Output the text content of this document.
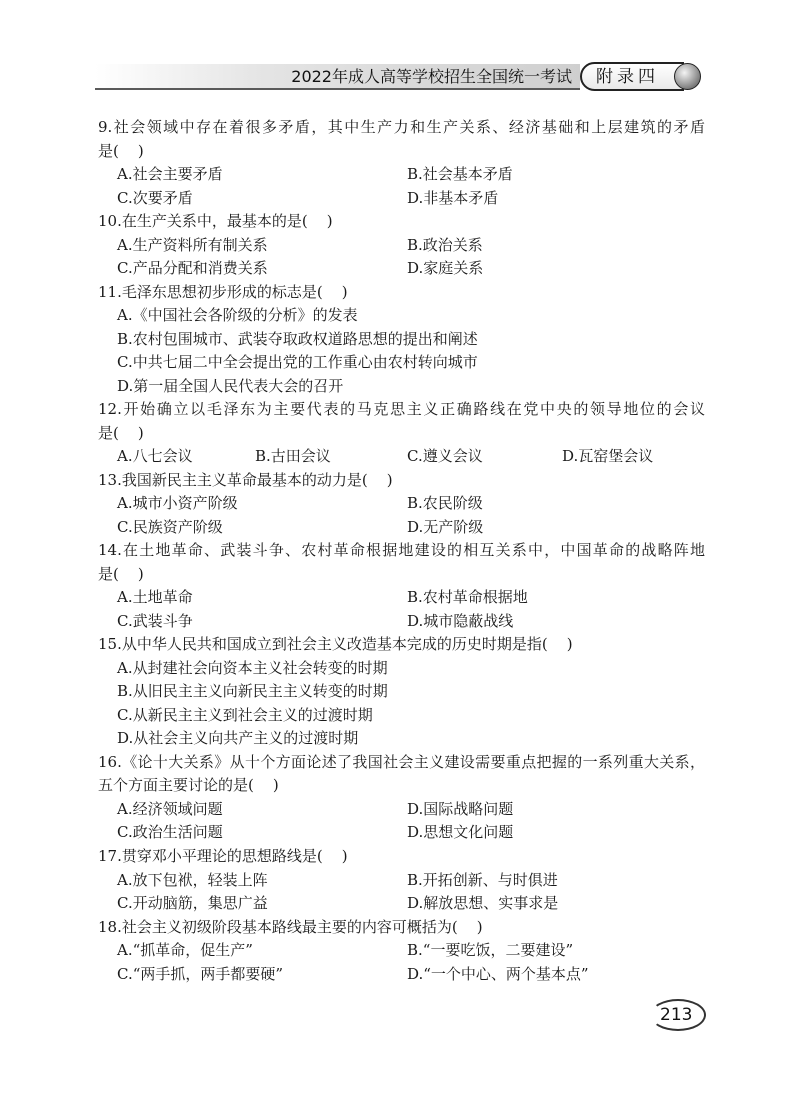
2022年成人高等学校招生全国统一考试 附录四
9.社会领域中存在着很多矛盾，其中生产力和生产关系、经济基础和上层建筑的矛盾
是(    )
A.社会主要矛盾	B.社会基本矛盾
C.次要矛盾	D.非基本矛盾
10.在生产关系中，最基本的是(    )
A.生产资料所有制关系	B.政治关系
C.产品分配和消费关系	D.家庭关系
11.毛泽东思想初步形成的标志是(    )
A.《中国社会各阶级的分析》的发表
B.农村包围城市、武装夺取政权道路思想的提出和阐述
C.中共七届二中全会提出党的工作重心由农村转向城市
D.第一届全国人民代表大会的召开
12.开始确立以毛泽东为主要代表的马克思主义正确路线在党中央的领导地位的会议
是(    )
A.八七会议	B.古田会议	C.遵义会议	D.瓦窑堡会议
13.我国新民主主义革命最基本的动力是(    )
A.城市小资产阶级	B.农民阶级
C.民族资产阶级	D.无产阶级
14.在土地革命、武装斗争、农村革命根据地建设的相互关系中，中国革命的战略阵地
是(    )
A.土地革命	B.农村革命根据地
C.武装斗争	D.城市隐蔽战线
15.从中华人民共和国成立到社会主义改造基本完成的历史时期是指(    )
A.从封建社会向资本主义社会转变的时期
B.从旧民主主义向新民主主义转变的时期
C.从新民主主义到社会主义的过渡时期
D.从社会主义向共产主义的过渡时期
16.《论十大关系》从十个方面论述了我国社会主义建设需要重点把握的一系列重大关系，
五个方面主要讨论的是(    )
A.经济领域问题	D.国际战略问题
C.政治生活问题	D.思想文化问题
17.贯穿邓小平理论的思想路线是(    )
A.放下包袱，轻装上阵	B.开拓创新、与时俱进
C.开动脑筋，集思广益	D.解放思想、实事求是
18.社会主义初级阶段基本路线最主要的内容可概括为(    )
A.“抓革命，促生产”	B.“一要吃饭，二要建设”
C.“两手抓，两手都要硬”	D.“一个中心、两个基本点”
213
